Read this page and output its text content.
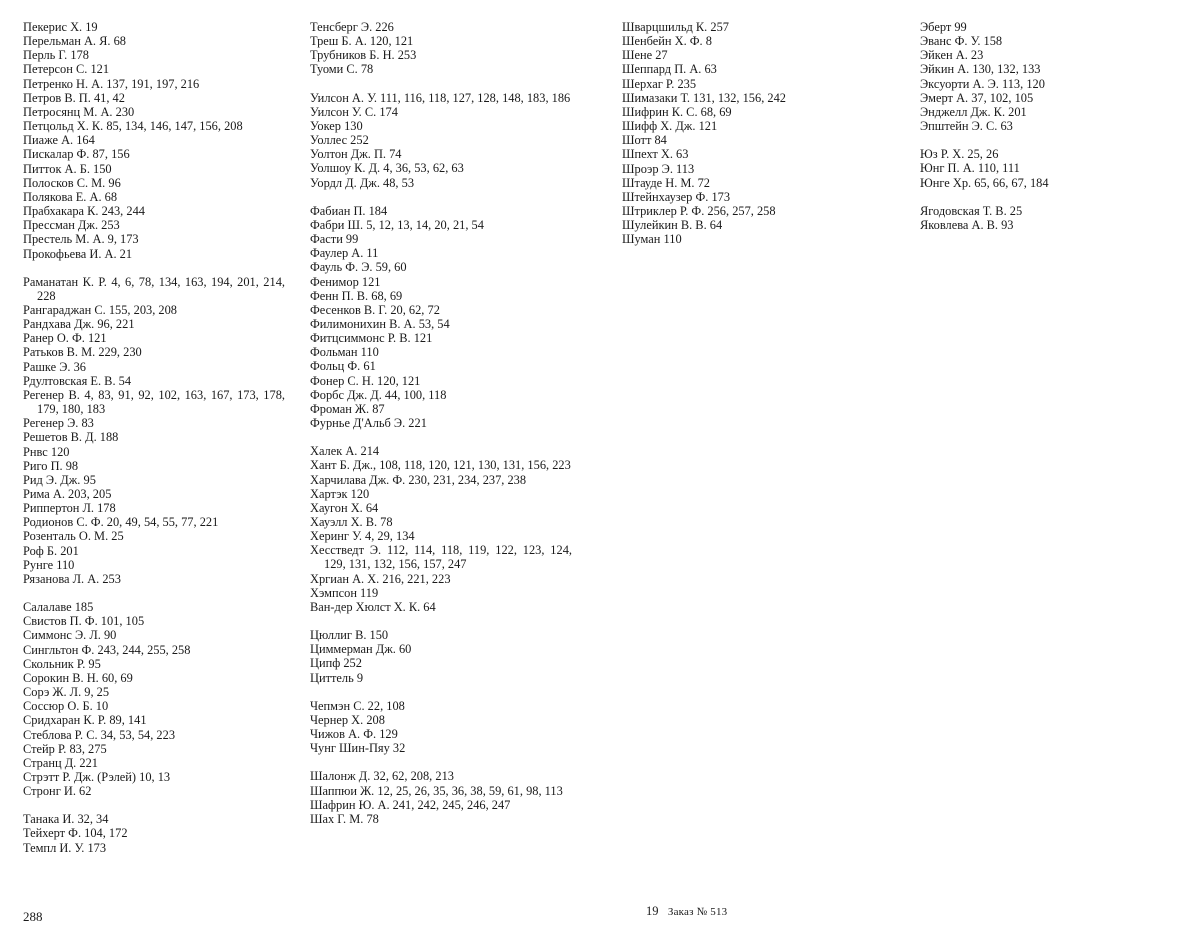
Пекерис X. 19
Перельман А. Я. 68
Перль Г. 178
Петерсон С. 121
Петренко Н. А. 137, 191, 197, 216
Петров В. П. 41, 42
Петросянц М. А. 230
Петцольд Х. К. 85, 134, 146, 147, 156, 208
Пиаже А. 164
Пискалар Ф. 87, 156
Питток А. Б. 150
Полосков С. М. 96
Полякова Е. А. 68
Прабхакара К. 243, 244
Прессман Дж. 253
Престель М. А. 9, 173
Прокофьева И. А. 21
Раманатан К. Р. 4, 6, 78, 134, 163, 194, 201, 214, 228
Рангараджан С. 155, 203, 208
Рандхава Дж. 96, 221
Ранер О. Ф. 121
Ратьков В. М. 229, 230
Рашке Э. 36
Рдултовская Е. В. 54
Регенер В. 4, 83, 91, 92, 102, 163, 167, 173, 178, 179, 180, 183
Регенер Э. 83
Решетов В. Д. 188
Рнвс 120
Риго П. 98
Рид Э. Дж. 95
Рима А. 203, 205
Риппертон Л. 178
Родионов С. Ф. 20, 49, 54, 55, 77, 221
Розенталь О. М. 25
Роф Б. 201
Рунге 110
Рязанова Л. А. 253
Салалаве 185
Свистов П. Ф. 101, 105
Симмонс Э. Л. 90
Сингльтон Ф. 243, 244, 255, 258
Скольник Р. 95
Сорокин В. Н. 60, 69
Сорэ Ж. Л. 9, 25
Соссюр О. Б. 10
Сридхаран К. Р. 89, 141
Стеблова Р. С. 34, 53, 54, 223
Стейр Р. 83, 275
Странц Д. 221
Стрэтт Р. Дж. (Рэлей) 10, 13
Стронг И. 62
Танака И. 32, 34
Тейхерт Ф. 104, 172
Темпл И. У. 173
Тенсберг Э. 226
Треш Б. А. 120, 121
Трубников Б. Н. 253
Туоми С. 78
Уилсон А. У. 111, 116, 118, 127, 128, 148, 183, 186
Уилсон У. С. 174
Уокер 130
Уоллес 252
Уолтон Дж. П. 74
Уолшоу К. Д. 4, 36, 53, 62, 63
Уордл Д. Дж. 48, 53
Фабиан П. 184
Фабри Ш. 5, 12, 13, 14, 20, 21, 54
Фасти 99
Фаулер А. 11
Фауль Ф. Э. 59, 60
Фенимор 121
Фенн П. В. 68, 69
Фесенков В. Г. 20, 62, 72
Филимонихин В. А. 53, 54
Фитцсиммонс Р. В. 121
Фольман 110
Фольц Ф. 61
Фонер С. Н. 120, 121
Форбс Дж. Д. 44, 100, 118
Фроман Ж. 87
Фурнье Д'Альб Э. 221
Халек А. 214
Хант Б. Дж., 108, 118, 120, 121, 130, 131, 156, 223
Харчилава Дж. Ф. 230, 231, 234, 237, 238
Хартэк 120
Хаугон Х. 64
Хауэлл Х. В. 78
Херинг У. 4, 29, 134
Хесстведт Э. 112, 114, 118, 119, 122, 123, 124, 129, 131, 132, 156, 157, 247
Хргиан А. Х. 216, 221, 223
Хэмпсон 119
Ван-дер Хюлст Х. К. 64
Цюллиг В. 150
Циммерман Дж. 60
Ципф 252
Циттель 9
Чепмэн С. 22, 108
Чернер Х. 208
Чижов А. Ф. 129
Чунг Шин-Пяу 32
Шалонж Д. 32, 62, 208, 213
Шаппюи Ж. 12, 25, 26, 35, 36, 38, 59, 61, 98, 113
Шафрин Ю. А. 241, 242, 245, 246, 247
Шах Г. М. 78
Шварцшильд К. 257
Шенбейн Х. Ф. 8
Шене 27
Шеппард П. А. 63
Шерхаг Р. 235
Шимазаки Т. 131, 132, 156, 242
Шифрин К. С. 68, 69
Шифф Х. Дж. 121
Шотт 84
Шпехт Х. 63
Шроэр Э. 113
Штауде Н. М. 72
Штейнхаузер Ф. 173
Штриклер Р. Ф. 256, 257, 258
Шулейкин В. В. 64
Шуман 110
Эберт 99
Эванс Ф. У. 158
Эйкен А. 23
Эйкин А. 130, 132, 133
Эксуорти А. Э. 113, 120
Эмерт А. 37, 102, 105
Энджелл Дж. К. 201
Эпштейн Э. С. 63
Юз Р. Х. 25, 26
Юнг П. А. 110, 111
Юнге Хр. 65, 66, 67, 184
Ягодовская Т. В. 25
Яковлева А. В. 93
288	19 Заказ № 513
